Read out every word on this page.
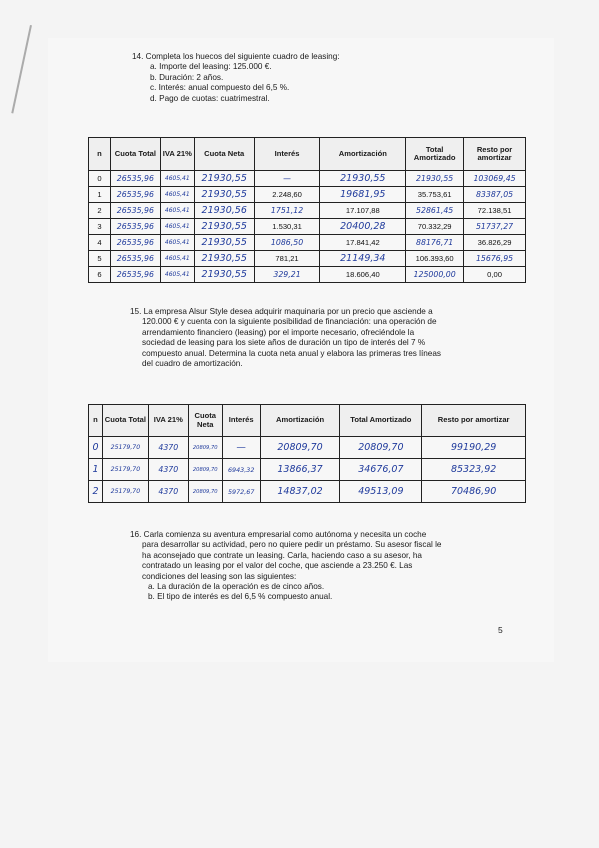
14. Completa los huecos del siguiente cuadro de leasing:
a. Importe del leasing: 125.000 €.
b. Duración: 2 años.
c. Interés: anual compuesto del 6,5 %.
d. Pago de cuotas: cuatrimestral.
n	Cuota Total	IVA 21%	Cuota Neta	Interés	Amortización	Total Amortizado	Resto por amortizar
0	26535,96	4605,41	21930,55	—	21930,55	21930,55	103069,45
1	26535,96	4605,41	21930,55	2.248,60	19681,95	35.753,61	83387,05
2	26535,96	4605,41	21930,56	1751,12	17.107,88	52861,45	72.138,51
3	26535,96	4605,41	21930,55	1.530,31	20400,28	70.332,29	51737,27
4	26535,96	4605,41	21930,55	1086,50	17.841,42	88176,71	36.826,29
5	26535,96	4605,41	21930,55	781,21	21149,34	106.393,60	15676,95
6	26535,96	4605,41	21930,55	329,21	18.606,40	125000,00	0,00
15. La empresa Alsur Style desea adquirir maquinaria por un precio que asciende a
120.000 € y cuenta con la siguiente posibilidad de financiación: una operación de
arrendamiento financiero (leasing) por el importe necesario, ofreciéndole la
sociedad de leasing para los siete años de duración un tipo de interés del 7 %
compuesto anual. Determina la cuota neta anual y elabora las primeras tres líneas
del cuadro de amortización.
n	Cuota Total	IVA 21%	Cuota Neta	Interés	Amortización	Total Amortizado	Resto por amortizar
0	25179,70	4370	20809,70	—	20809,70	20809,70	99190,29
1	25179,70	4370	20809,70	6943,32	13866,37	34676,07	85323,92
2	25179,70	4370	20809,70	5972,67	14837,02	49513,09	70486,90
16. Carla comienza su aventura empresarial como autónoma y necesita un coche
para desarrollar su actividad, pero no quiere pedir un préstamo. Su asesor fiscal le
ha aconsejado que contrate un leasing. Carla, haciendo caso a su asesor, ha
contratado un leasing por el valor del coche, que asciende a 23.250 €. Las
condiciones del leasing son las siguientes:
a. La duración de la operación es de cinco años.
b. El tipo de interés es del 6,5 % compuesto anual.
5
